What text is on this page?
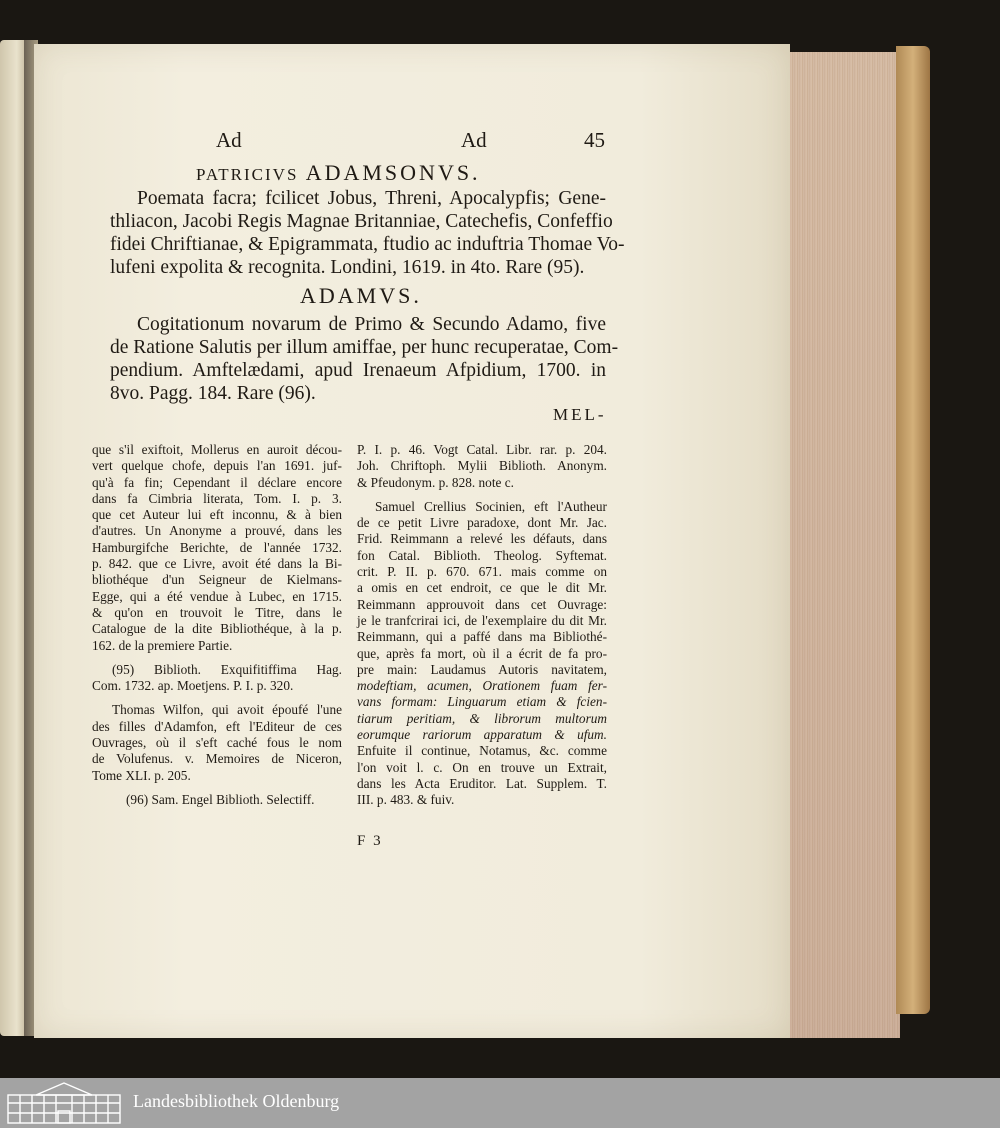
Ad	Ad	45
PATRICIVS ADAMSONVS.
Poemata facra; fcilicet Jobus, Threni, Apocalypfis; Gene-
thliacon, Jacobi Regis Magnae Britanniae, Catechefis, Confeffio
fidei Chriftianae, & Epigrammata, ftudio ac induftria Thomae Vo-
lufeni expolita & recognita. Londini, 1619. in 4to. Rare (95).
ADAMVS.
Cogitationum novarum de Primo & Secundo Adamo, five
de Ratione Salutis per illum amiffae, per hunc recuperatae, Com-
pendium. Amftelædami, apud Irenaeum Afpidium, 1700. in
8vo. Pagg. 184. Rare (96).
MEL-

que s'il exiftoit, Mollerus en auroit décou-
vert quelque chofe, depuis l'an 1691. juf-
qu'à fa fin; Cependant il déclare encore
dans fa Cimbria literata, Tom. I. p. 3.
que cet Auteur lui eft inconnu, & à bien
d'autres. Un Anonyme a prouvé, dans les
Hamburgifche Berichte, de l'année 1732.
p. 842. que ce Livre, avoit été dans la Bi-
bliothéque d'un Seigneur de Kielmans-
Egge, qui a été vendue à Lubec, en 1715.
& qu'on en trouvoit le Titre, dans le
Catalogue de la dite Bibliothéque, à la p.
162. de la premiere Partie.

(95) Biblioth. Exquifitiffima Hag.
Com. 1732. ap. Moetjens. P. I. p. 320.

Thomas Wilfon, qui avoit époufé l'une
des filles d'Adamfon, eft l'Editeur de ces
Ouvrages, où il s'eft caché fous le nom
de Volufenus. v. Memoires de Niceron,
Tome XLI. p. 205.

(96) Sam. Engel Biblioth. Selectiff.

P. I. p. 46. Vogt Catal. Libr. rar. p. 204.
Joh. Chriftoph. Mylii Biblioth. Anonym.
& Pfeudonym. p. 828. note c.

Samuel Crellius Socinien, eft l'Autheur
de ce petit Livre paradoxe, dont Mr. Jac.
Frid. Reimmann a relevé les défauts, dans
fon Catal. Biblioth. Theolog. Syftemat.
crit. P. II. p. 670. 671. mais comme on
a omis en cet endroit, ce que le dit Mr.
Reimmann approuvoit dans cet Ouvrage:
je le tranfcrirai ici, de l'exemplaire du dit Mr.
Reimmann, qui a paffé dans ma Bibliothé-
que, après fa mort, où il a écrit de fa pro-
pre main: Laudamus Autoris navitatem,
modeftiam, acumen, Orationem fuam fer-
vans formam: Linguarum etiam & fcien-
tiarum peritiam, & librorum multorum
eorumque rariorum apparatum & ufum.
Enfuite il continue, Notamus, &c. comme
l'on voit l. c. On en trouve un Extrait,
dans les Acta Eruditor. Lat. Supplem. T.
III. p. 483. & fuiv.

F 3
Landesbibliothek Oldenburg
